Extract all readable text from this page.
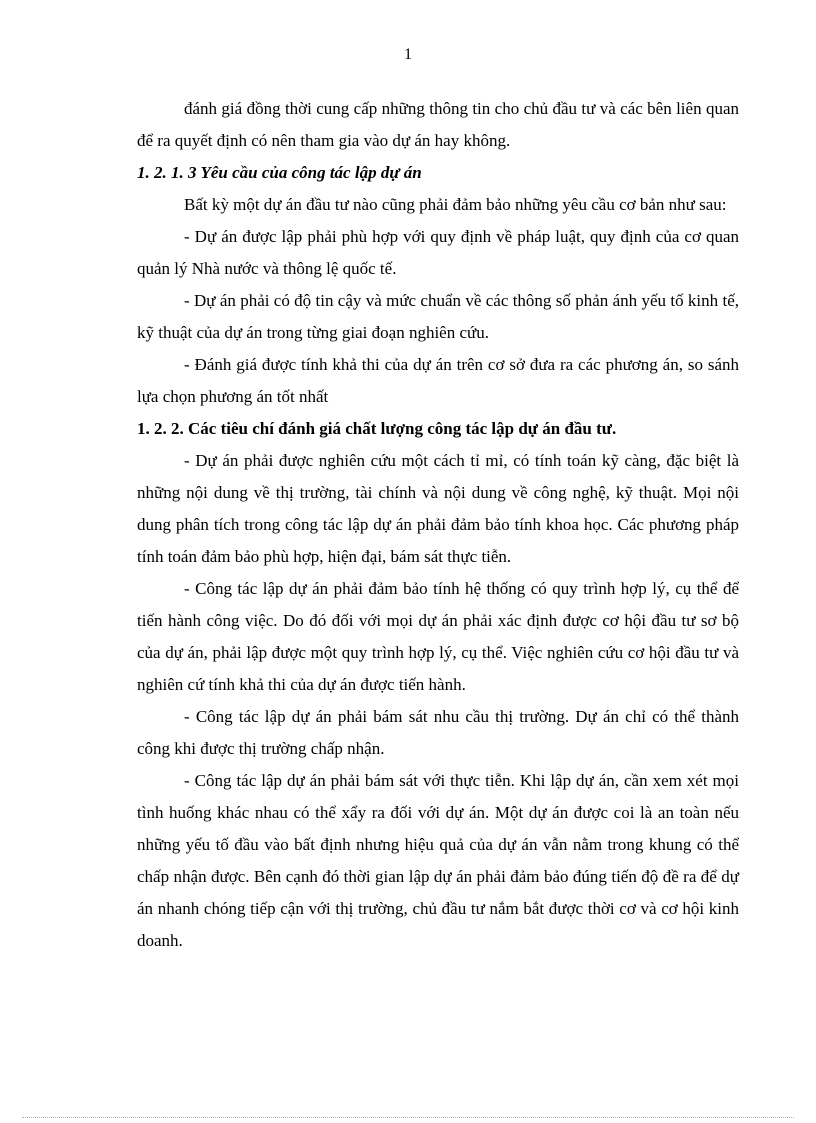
1

đánh giá đồng thời cung cấp những thông tin cho chủ đầu tư và các bên liên quan để ra quyết định có nên tham gia vào dự án hay không.

1. 2. 1. 3 Yêu cầu của công tác lập dự án

Bất kỳ một dự án đầu tư nào cũng phải đảm bảo những yêu cầu cơ bản như sau:

- Dự án được lập phải phù hợp với quy định về pháp luật, quy định của cơ quan quản lý Nhà nước và thông lệ quốc tế.

- Dự án phải có độ tin cậy và mức chuẩn về các thông số phản ánh yếu tố kinh tế, kỹ thuật của dự án trong từng giai đoạn nghiên cứu.

- Đánh giá được tính khả thi của dự án trên cơ sở đưa ra các phương án, so sánh lựa chọn phương án tốt nhất

1. 2. 2. Các tiêu chí đánh giá chất lượng công tác lập dự án đầu tư.

- Dự án phải được nghiên cứu một cách tỉ mỉ, có tính toán kỹ càng, đặc biệt là những nội dung về thị trường, tài chính và nội dung về công nghệ, kỹ thuật. Mọi nội dung phân tích trong công tác lập dự án phải đảm bảo tính khoa học. Các phương pháp tính toán đảm bảo phù hợp, hiện đại, bám sát thực tiễn.

- Công tác lập dự án phải đảm bảo tính hệ thống có quy trình hợp lý, cụ thể để tiến hành công việc. Do đó đối với mọi dự án phải xác định được cơ hội đầu tư sơ bộ của dự án, phải lập được một quy trình hợp lý, cụ thể. Việc nghiên cứu cơ hội đầu tư và nghiên cứ tính khả thi của dự án được tiến hành.

- Công tác lập dự án phải bám sát nhu cầu thị trường. Dự án chỉ có thể thành công khi được thị trường chấp nhận.

- Công tác lập dự án phải bám sát với thực tiễn. Khi lập dự án, cần xem xét mọi tình huống khác nhau có thể xẩy ra đối với dự án. Một dự án được coi là an toàn nếu những yếu tố đầu vào bất định nhưng hiệu quả của dự án vẫn nằm trong khung có thể chấp nhận được. Bên cạnh đó thời gian lập dự án phải đảm bảo đúng tiến độ đề ra để dự án nhanh chóng tiếp cận với thị trường, chủ đầu tư nắm bắt được thời cơ và cơ hội kinh doanh.
